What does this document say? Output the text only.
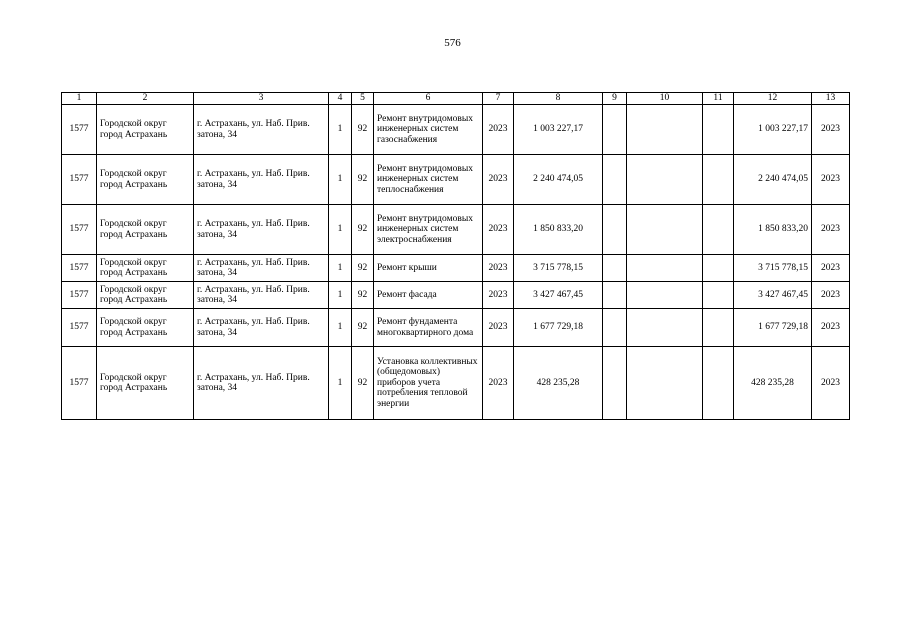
576
1	2	3	4	5	6	7	8	9	10	11	12	13
1577	Городской округ город Астрахань	г. Астрахань, ул. Наб. Прив. затона, 34	1	92	Ремонт внутридомовых инженерных систем газоснабжения	2023	1 003 227,17				1 003 227,17	2023
1577	Городской округ город Астрахань	г. Астрахань, ул. Наб. Прив. затона, 34	1	92	Ремонт внутридомовых инженерных систем теплоснабжения	2023	2 240 474,05				2 240 474,05	2023
1577	Городской округ город Астрахань	г. Астрахань, ул. Наб. Прив. затона, 34	1	92	Ремонт внутридомовых инженерных систем электроснабжения	2023	1 850 833,20				1 850 833,20	2023
1577	Городской округ город Астрахань	г. Астрахань, ул. Наб. Прив. затона, 34	1	92	Ремонт крыши	2023	3 715 778,15				3 715 778,15	2023
1577	Городской округ город Астрахань	г. Астрахань, ул. Наб. Прив. затона, 34	1	92	Ремонт фасада	2023	3 427 467,45				3 427 467,45	2023
1577	Городской округ город Астрахань	г. Астрахань, ул. Наб. Прив. затона, 34	1	92	Ремонт фундамента многоквартирного дома	2023	1 677 729,18				1 677 729,18	2023
1577	Городской округ город Астрахань	г. Астрахань, ул. Наб. Прив. затона, 34	1	92	Установка коллективных (общедомовых) приборов учета потребления тепловой энергии	2023	428 235,28				428 235,28	2023
